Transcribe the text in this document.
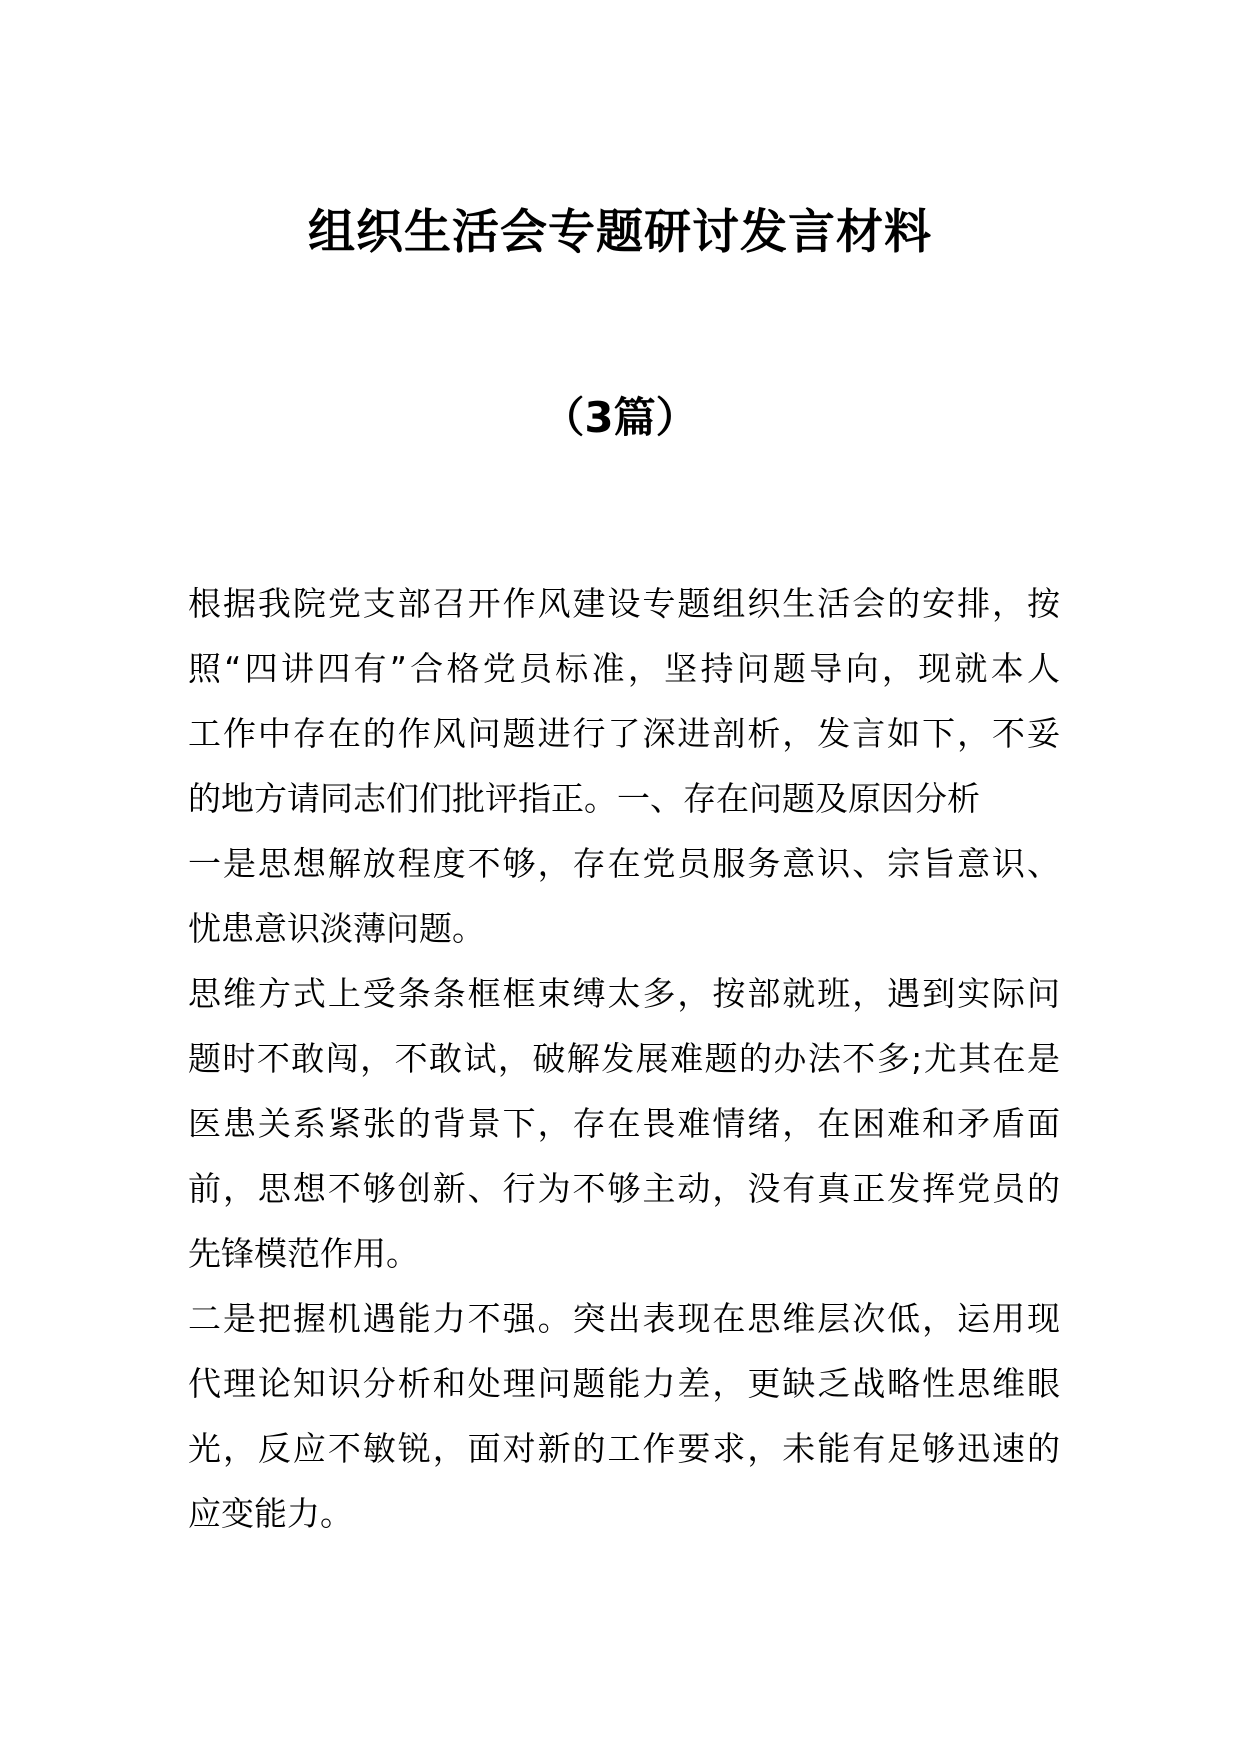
组织生活会专题研讨发言材料
（3篇）
根据我院党支部召开作风建设专题组织生活会的安排，按
照“四讲四有”合格党员标准，坚持问题导向，现就本人
工作中存在的作风问题进行了深进剖析，发言如下，不妥
的地方请同志们们批评指正。一、存在问题及原因分析
一是思想解放程度不够，存在党员服务意识、宗旨意识、
忧患意识淡薄问题。
思维方式上受条条框框束缚太多，按部就班，遇到实际问
题时不敢闯，不敢试，破解发展难题的办法不多;尤其在是
医患关系紧张的背景下，存在畏难情绪，在困难和矛盾面
前，思想不够创新、行为不够主动，没有真正发挥党员的
先锋模范作用。
二是把握机遇能力不强。突出表现在思维层次低，运用现
代理论知识分析和处理问题能力差，更缺乏战略性思维眼
光，反应不敏锐，面对新的工作要求，未能有足够迅速的
应变能力。
